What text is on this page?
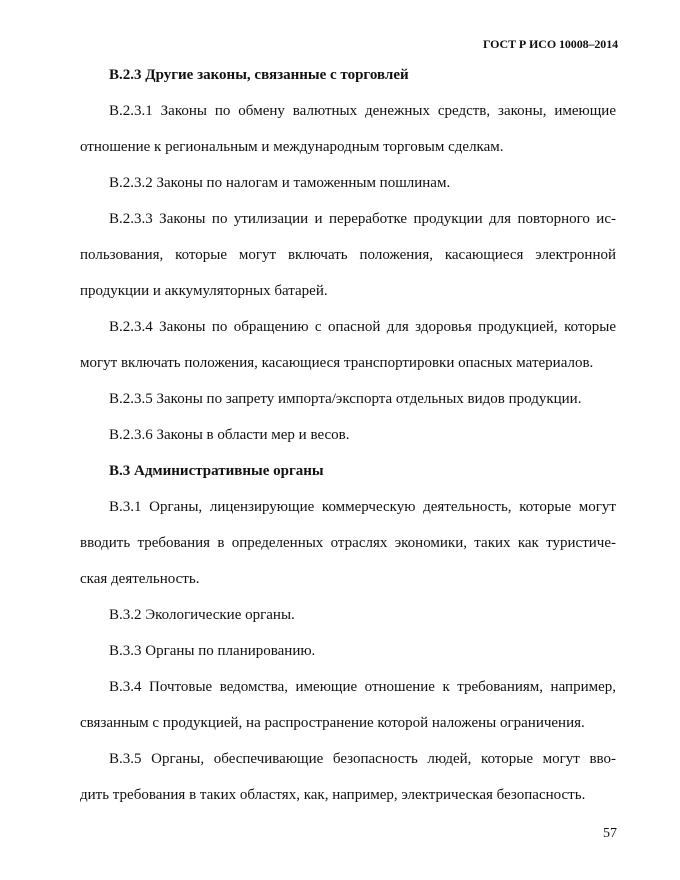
ГОСТ Р ИСО 10008–2014
В.2.3 Другие законы, связанные с торговлей
В.2.3.1 Законы по обмену валютных денежных средств, законы, имеющие
отношение к региональным и международным торговым сделкам.
В.2.3.2 Законы по налогам и таможенным пошлинам.
В.2.3.3 Законы по утилизации и переработке продукции для повторного ис-
пользования, которые могут включать положения, касающиеся электронной
продукции и аккумуляторных батарей.
В.2.3.4 Законы по обращению с опасной для здоровья продукцией, которые
могут включать положения, касающиеся транспортировки опасных материалов.
В.2.3.5 Законы по запрету импорта/экспорта отдельных видов продукции.
В.2.3.6 Законы в области мер и весов.
В.3 Административные органы
В.3.1 Органы, лицензирующие коммерческую деятельность, которые могут
вводить требования в определенных отраслях экономики, таких как туристиче-
ская деятельность.
В.3.2 Экологические органы.
В.3.3 Органы по планированию.
В.3.4 Почтовые ведомства, имеющие отношение к требованиям, например,
связанным с продукцией, на распространение которой наложены ограничения.
В.3.5 Органы, обеспечивающие безопасность людей, которые могут вво-
дить требования в таких областях, как, например, электрическая безопасность.
57
